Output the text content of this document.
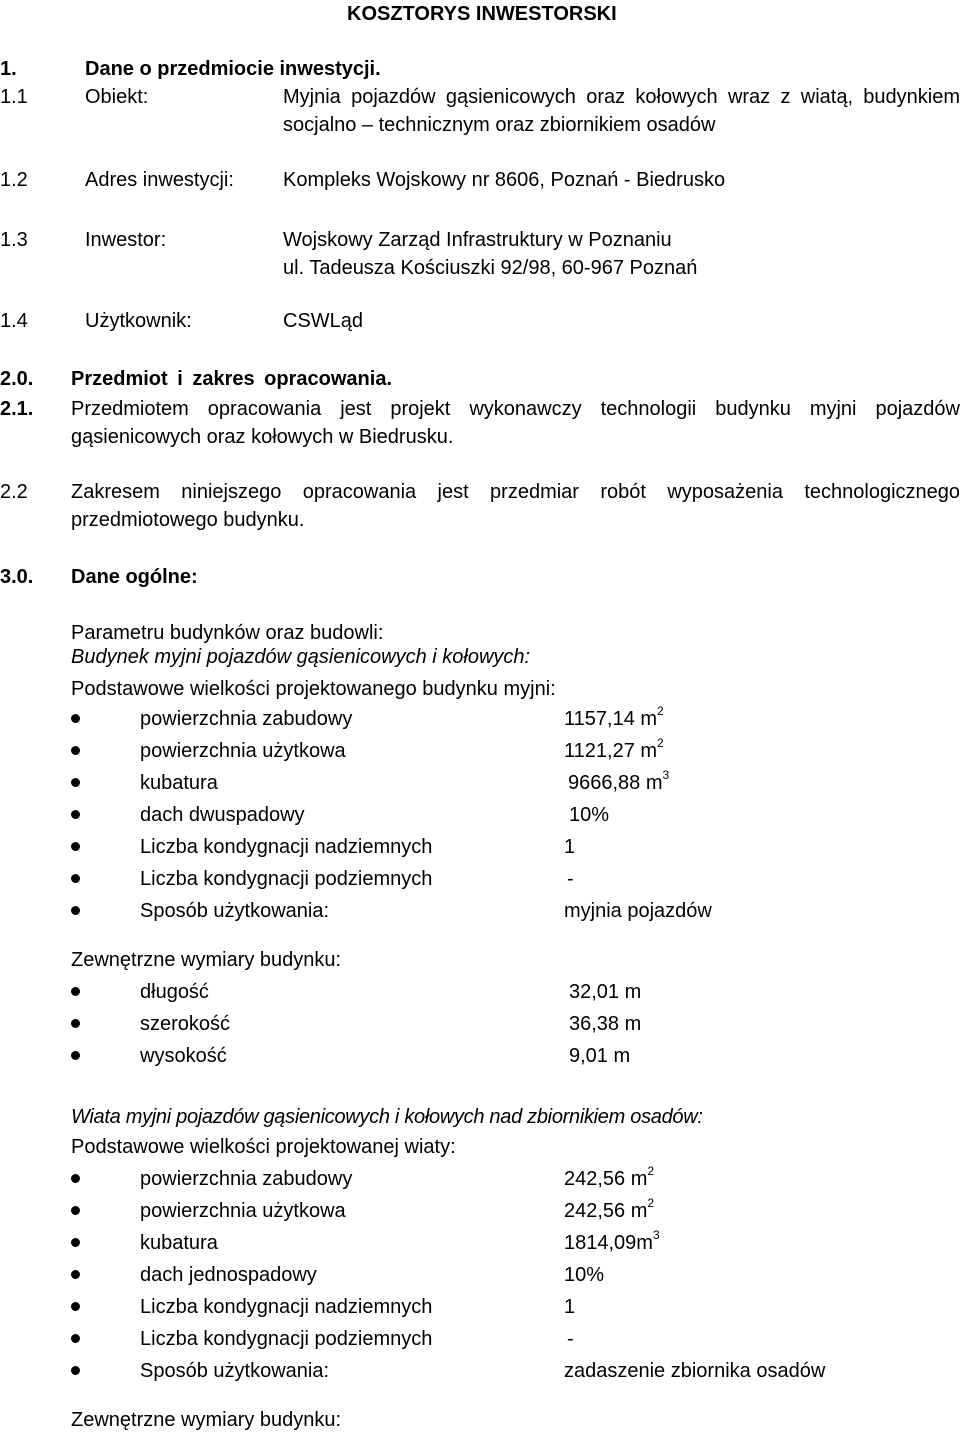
KOSZTORYS INWESTORSKI
1.	Dane o przedmiocie inwestycji.
1.1	Obiekt:	Myjnia pojazdów gąsienicowych oraz kołowych wraz z wiatą, budynkiem
socjalno – technicznym oraz zbiornikiem osadów
1.2	Adres inwestycji: Kompleks Wojskowy nr 8606, Poznań - Biedrusko
1.3	Inwestor:	Wojskowy Zarząd Infrastruktury w Poznaniu
ul. Tadeusza Kościuszki 92/98, 60-967 Poznań
1.4	Użytkownik:	CSWLąd
2.0. Przedmiot i zakres opracowania.
2.1. Przedmiotem opracowania jest projekt wykonawczy technologii budynku myjni pojazdów
gąsienicowych oraz kołowych w Biedrusku.
2.2 Zakresem niniejszego opracowania jest przedmiar robót wyposażenia technologicznego
przedmiotowego budynku.
3.0. Dane ogólne:
Parametru budynków oraz budowli:
Budynek myjni pojazdów gąsienicowych i kołowych:
Podstawowe wielkości projektowanego budynku myjni:
powierzchnia zabudowy	1157,14 $m^2$
powierzchnia użytkowa	1121,27 $m^2$
kubatura	9666,88 $m^3$
dach dwuspadowy	10%
Liczba kondygnacji nadziemnych	1
Liczba kondygnacji podziemnych	-
Sposób użytkowania:	myjnia pojazdów
Zewnętrzne wymiary budynku:
długość	32,01 m
szerokość	36,38 m
wysokość	9,01 m
Wiata myjni pojazdów gąsienicowych i kołowych nad zbiornikiem osadów:
Podstawowe wielkości projektowanej wiaty:
powierzchnia zabudowy	242,56 $m^2$
powierzchnia użytkowa	242,56 $m^2$
kubatura	$1814,09m^3$
dach jednospadowy	10%
Liczba kondygnacji nadziemnych	1
Liczba kondygnacji podziemnych	-
Sposób użytkowania:	zadaszenie zbiornika osadów
Zewnętrzne wymiary budynku:
